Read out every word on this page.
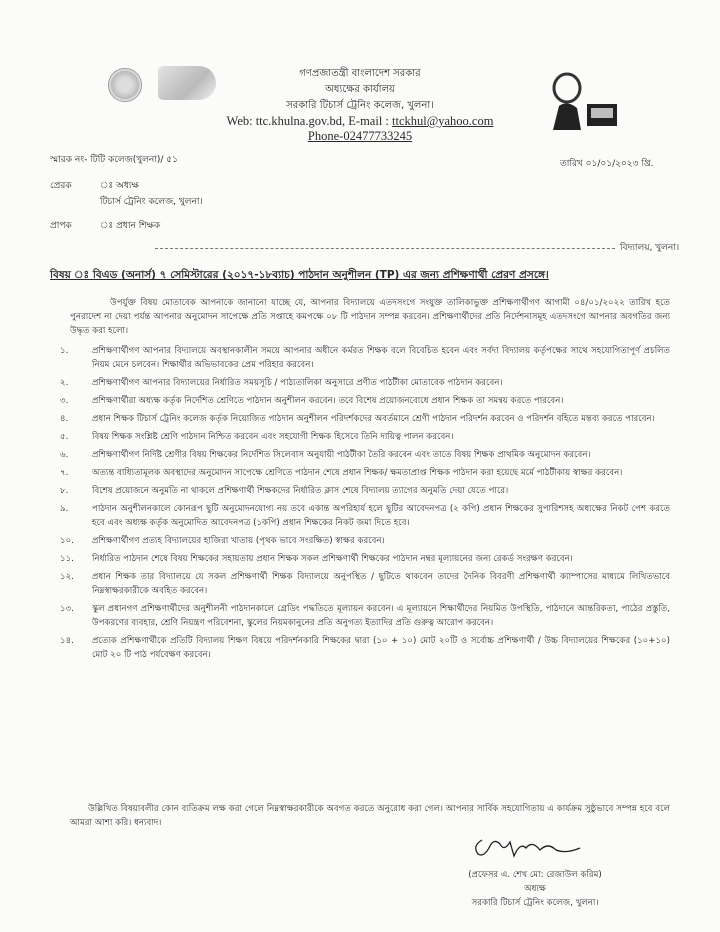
গণপ্রজাতন্ত্রী বাংলাদেশ সরকার
অধ্যক্ষের কার্যালয়
সরকারি টিচার্স ট্রেনিং কলেজ, খুলনা।
Web: ttc.khulna.gov.bd, E-mail : ttckhul@yahoo.com
Phone-02477733245
স্মারক নং- টিটি কলেজ(খুলনা)/ ৫১	তারিখ ০১/০১/২০২৩ খ্রি.
প্রেরক	ঃ অধ্যক্ষ
টিচার্স ট্রেনিং কলেজ, খুলনা।
প্রাপক	ঃ প্রধান শিক্ষক
বিদ্যালয়, খুলনা।
বিষয় ঃ বিএড (অনার্স) ৭ সেমিস্টারের (২০১৭-১৮ব্যাচ) পাঠদান অনুশীলন (TP) এর জন্য প্রশিক্ষণার্থী প্রেরণ প্রসঙ্গে।
উপর্যুক্ত বিষয় মোতাবেক আপনাকে জানানো যাচ্ছে যে, আপনার বিদ্যালয়ে এতদসংগে সংযুক্ত তালিকাভুক্ত প্রশিক্ষণার্থীগণ আগামী ০৪/০১/২০২২ তারিখ হতে পুনরাদেশ না দেয়া পর্যন্ত আপনার অনুমোদন সাপেক্ষে প্রতি সপ্তাহে কমপক্ষে ০৮ টি পাঠদান সম্পন্ন করবেন। প্রশিক্ষণার্থীদের প্রতি নির্দেশনাসমূহ এতদসংগে আপনার অবগতির জন্য উদ্ধৃত করা হলো।
১.	প্রশিক্ষণার্থীগণ আপনার বিদ্যালয়ে অবস্থানকালীন সময়ে আপনার অধীনে কর্মরত শিক্ষক বলে বিবেচিত হবেন এবং সর্বদা বিদ্যালয় কর্তৃপক্ষের সাথে সহযোগিতাপূর্ণ প্রচলিত নিয়ম মেনে চলবেন। শিক্ষার্থীর অভিভাবকের প্রেম পরিহার করবেন।
২.	প্রশিক্ষণার্থীগণ আপনার বিদ্যালয়ের নির্ধারিত সময়সূচি / পাঠ্যতালিকা অনুসারে প্রণীত পাঠটীকা মোতাবেক পাঠদান করবেন।
৩.	প্রশিক্ষণার্থীরা অধ্যক্ষ কর্তৃক নির্দেশিত শ্রেণিতে পাঠদান অনুশীলন করবেন। তবে বিশেষ প্রয়োজনবোধে প্রধান শিক্ষক তা সমন্বয় করতে পারবেন।
৪.	প্রধান শিক্ষক টিচার্স ট্রেনিং কলেজ কর্তৃক নিয়োজিত পাঠদান অনুশীলন পরিদর্শকদের অবর্তমানে শ্রেণী পাঠদান পরিদর্শন করবেন ও পরিদর্শন বহিতে মন্তব্য করতে পারবেন।
৫.	বিষয় শিক্ষক সংশ্লিষ্ট শ্রেণি পাঠদান নিশ্চিত করবেন এবং সহযোগী শিক্ষক হিসেবে তিনি দায়িত্ব পালন করবেন।
৬.	প্রশিক্ষণার্থীগণ নির্দিষ্ট শ্রেণীর বিষয় শিক্ষকের নির্দেশিত সিলেবাস অনুযায়ী পাঠটীকা তৈরি করবেন এবং তাতে বিষয় শিক্ষক প্রাথমিক অনুমোদন করবেন।
৭.	অত্যন্ত বাধ্যিতামূলক অবস্থাদের অনুমোদন সাপেক্ষে শ্রেণিতে পাঠদান শেষে প্রধান শিক্ষক/ ক্ষমতাপ্রাপ্ত শিক্ষক পাঠদান করা হয়েছে মর্মে পাঠটীকায় স্বাক্ষর করবেন।
৮.	বিশেষ প্রয়োজনে অনুমতি না থাকলে প্রশিক্ষণার্থী শিক্ষকদের নির্ধারিত ক্লাস শেষে বিদ্যালয় ত্যাগের অনুমতি দেয়া যেতে পারে।
৯.	পাঠদান অনুশীলনকালে কোনরূপ ছুটি অনুমোদনযোগ্য নয় তবে একান্ত অপরিহার্য হলে ছুটির আবেদনপত্র (২ কপি) প্রধান শিক্ষকের সুপারিশসহ অধ্যক্ষের নিকট পেশ করতে হবে এবং অধ্যক্ষ কর্তৃক অনুমোদিত আবেদনপত্র (১কপি) প্রধান শিক্ষকের নিকট জমা দিতে হবে।
১০.	প্রশিক্ষণার্থীগণ প্রত্যহ বিদ্যালয়ের হাজিরা খাতায় (পৃথক ভাবে সংরক্ষিত) স্বাক্ষর করবেন।
১১.	নির্ধারিত পাঠদান শেষে বিষয় শিক্ষকের সহায়তায় প্রধান শিক্ষক সকল প্রশিক্ষণার্থী শিক্ষকের পাঠদান নম্বর মূল্যায়নের জন্য রেকর্ড সংরক্ষণ করবেন।
১২.	প্রধান শিক্ষক তার বিদ্যালয়ে যে সকল প্রশিক্ষণার্থী শিক্ষক বিদ্যালয়ে অনুপস্থিত / ছুটিতে থাকবেন তাদের দৈনিক বিবরণী প্রশিক্ষণার্থী ক্যাম্পাসের মাধ্যমে লিখিতভাবে নিম্নস্বাক্ষরকারীকে অবহিত করবেন।
১৩.	স্কুল প্রধানগণ প্রশিক্ষণার্থীদের অনুশীলনী পাঠদানকালে গ্রেডিং পদ্ধতিতে মূল্যায়ন করবেন। এ মূল্যায়নে শিক্ষার্থীদের নিয়মিত উপস্থিতি, পাঠদানে আন্তরিকতা, পাঠের প্রস্তুতি, উপকরণের ব্যবহার, শ্রেণি নিয়ন্ত্রণ পরিবেশনা, স্কুলের নিয়মকানুনের প্রতি অনুগত্য ইত্যাদির প্রতি গুরুত্ব আরোপ করবেন।
১৪.	প্রত্যেক প্রশিক্ষণার্থীকে প্রতিটি বিদ্যালয় শিক্ষণ বিষয়ে পরিদর্শনকারি শিক্ষকের দ্বারা (১০ + ১০) মোট ২০টি ও সর্বোচ্চ প্রশিক্ষণার্থী / উচ্চ বিদ্যালয়ের শিক্ষকের (১০+১০) মোট ২০ টি পাঠ পর্যবেক্ষণ করবেন।
উল্লিখিত বিষয়াবলীর কোন ব্যতিক্রম লক্ষ করা গেলে নিম্নস্বাক্ষরকারীকে অবগত করতে অনুরোধ করা গেল। আপনার সার্বিক সহযোগিতায় এ কার্যক্রম সুষ্ঠুভাবে সম্পন্ন হবে বলে আমরা আশা করি। ধন্যবাদ।
(প্রফেসর এ. শেখ মো: রেজাউল করিম)
অধ্যক্ষ
সরকারি টিচার্স ট্রেনিং কলেজ, খুলনা।
